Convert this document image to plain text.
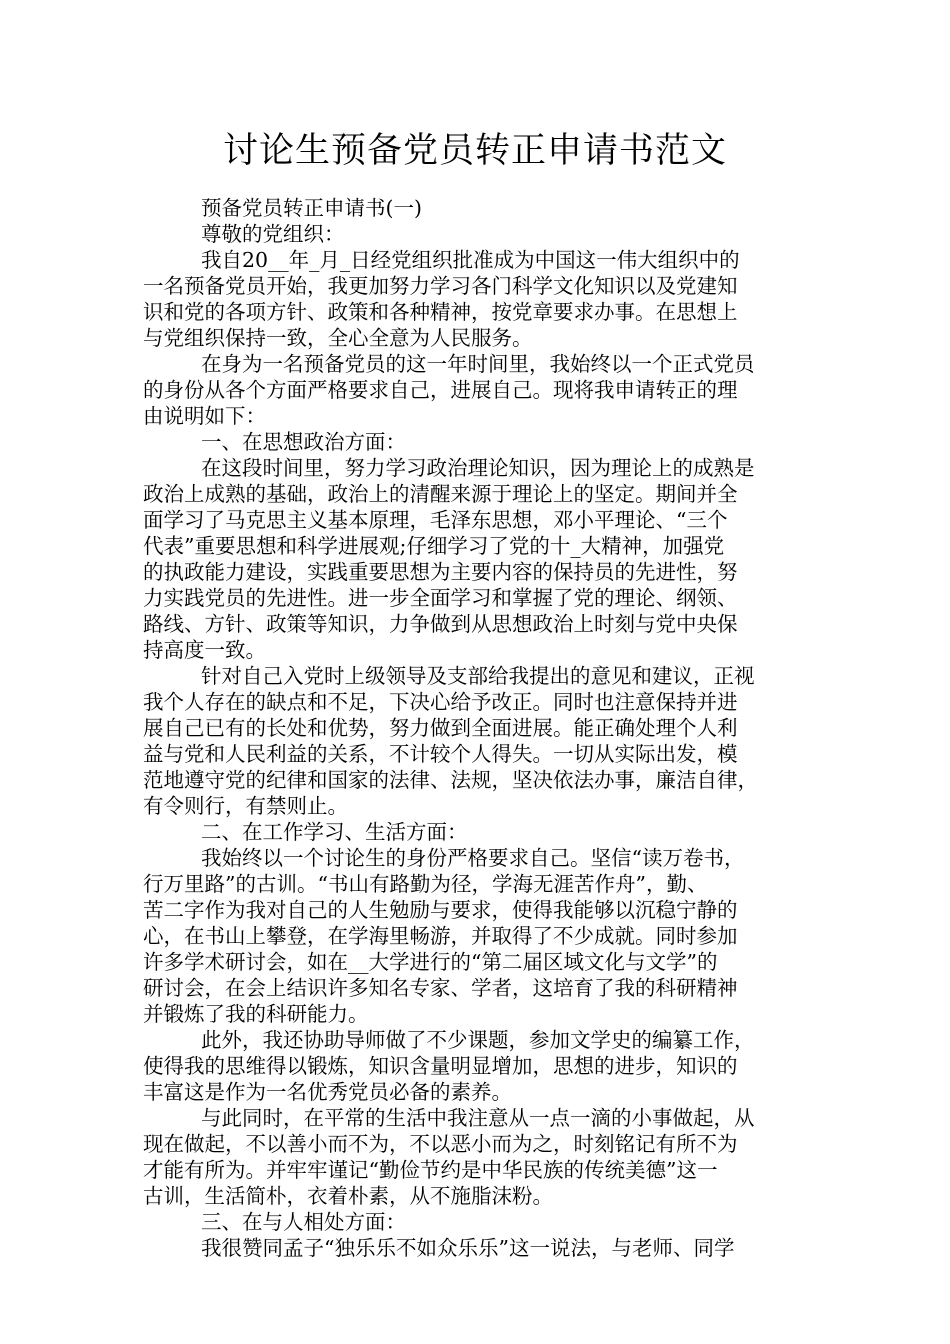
讨论生预备党员转正申请书范文
预备党员转正申请书(一)
尊敬的党组织：
我自20__年_月_日经党组织批准成为中国这一伟大组织中的
一名预备党员开始，我更加努力学习各门科学文化知识以及党建知
识和党的各项方针、政策和各种精神，按党章要求办事。在思想上
与党组织保持一致，全心全意为人民服务。
在身为一名预备党员的这一年时间里，我始终以一个正式党员
的身份从各个方面严格要求自己，进展自己。现将我申请转正的理
由说明如下：
一、在思想政治方面：
在这段时间里，努力学习政治理论知识，因为理论上的成熟是
政治上成熟的基础，政治上的清醒来源于理论上的坚定。期间并全
面学习了马克思主义基本原理，毛泽东思想，邓小平理论、“三个
代表”重要思想和科学进展观;仔细学习了党的十_大精神，加强党
的执政能力建设，实践重要思想为主要内容的保持员的先进性，努
力实践党员的先进性。进一步全面学习和掌握了党的理论、纲领、
路线、方针、政策等知识，力争做到从思想政治上时刻与党中央保
持高度一致。
针对自己入党时上级领导及支部给我提出的意见和建议，正视
我个人存在的缺点和不足，下决心给予改正。同时也注意保持并进
展自己已有的长处和优势，努力做到全面进展。能正确处理个人利
益与党和人民利益的关系，不计较个人得失。一切从实际出发，模
范地遵守党的纪律和国家的法律、法规，坚决依法办事，廉洁自律，
有令则行，有禁则止。
二、在工作学习、生活方面：
我始终以一个讨论生的身份严格要求自己。坚信“读万卷书，
行万里路”的古训。“书山有路勤为径，学海无涯苦作舟”，勤、
苦二字作为我对自己的人生勉励与要求，使得我能够以沉稳宁静的
心，在书山上攀登，在学海里畅游，并取得了不少成就。同时参加
许多学术研讨会，如在__大学进行的“第二届区域文化与文学”的
研讨会，在会上结识许多知名专家、学者，这培育了我的科研精神
并锻炼了我的科研能力。
此外，我还协助导师做了不少课题，参加文学史的编纂工作，
使得我的思维得以锻炼，知识含量明显增加，思想的进步，知识的
丰富这是作为一名优秀党员必备的素养。
与此同时，在平常的生活中我注意从一点一滴的小事做起，从
现在做起，不以善小而不为，不以恶小而为之，时刻铭记有所不为
才能有所为。并牢牢谨记“勤俭节约是中华民族的传统美德”这一
古训，生活简朴，衣着朴素，从不施脂沫粉。
三、在与人相处方面：
我很赞同孟子“独乐乐不如众乐乐”这一说法，与老师、同学
